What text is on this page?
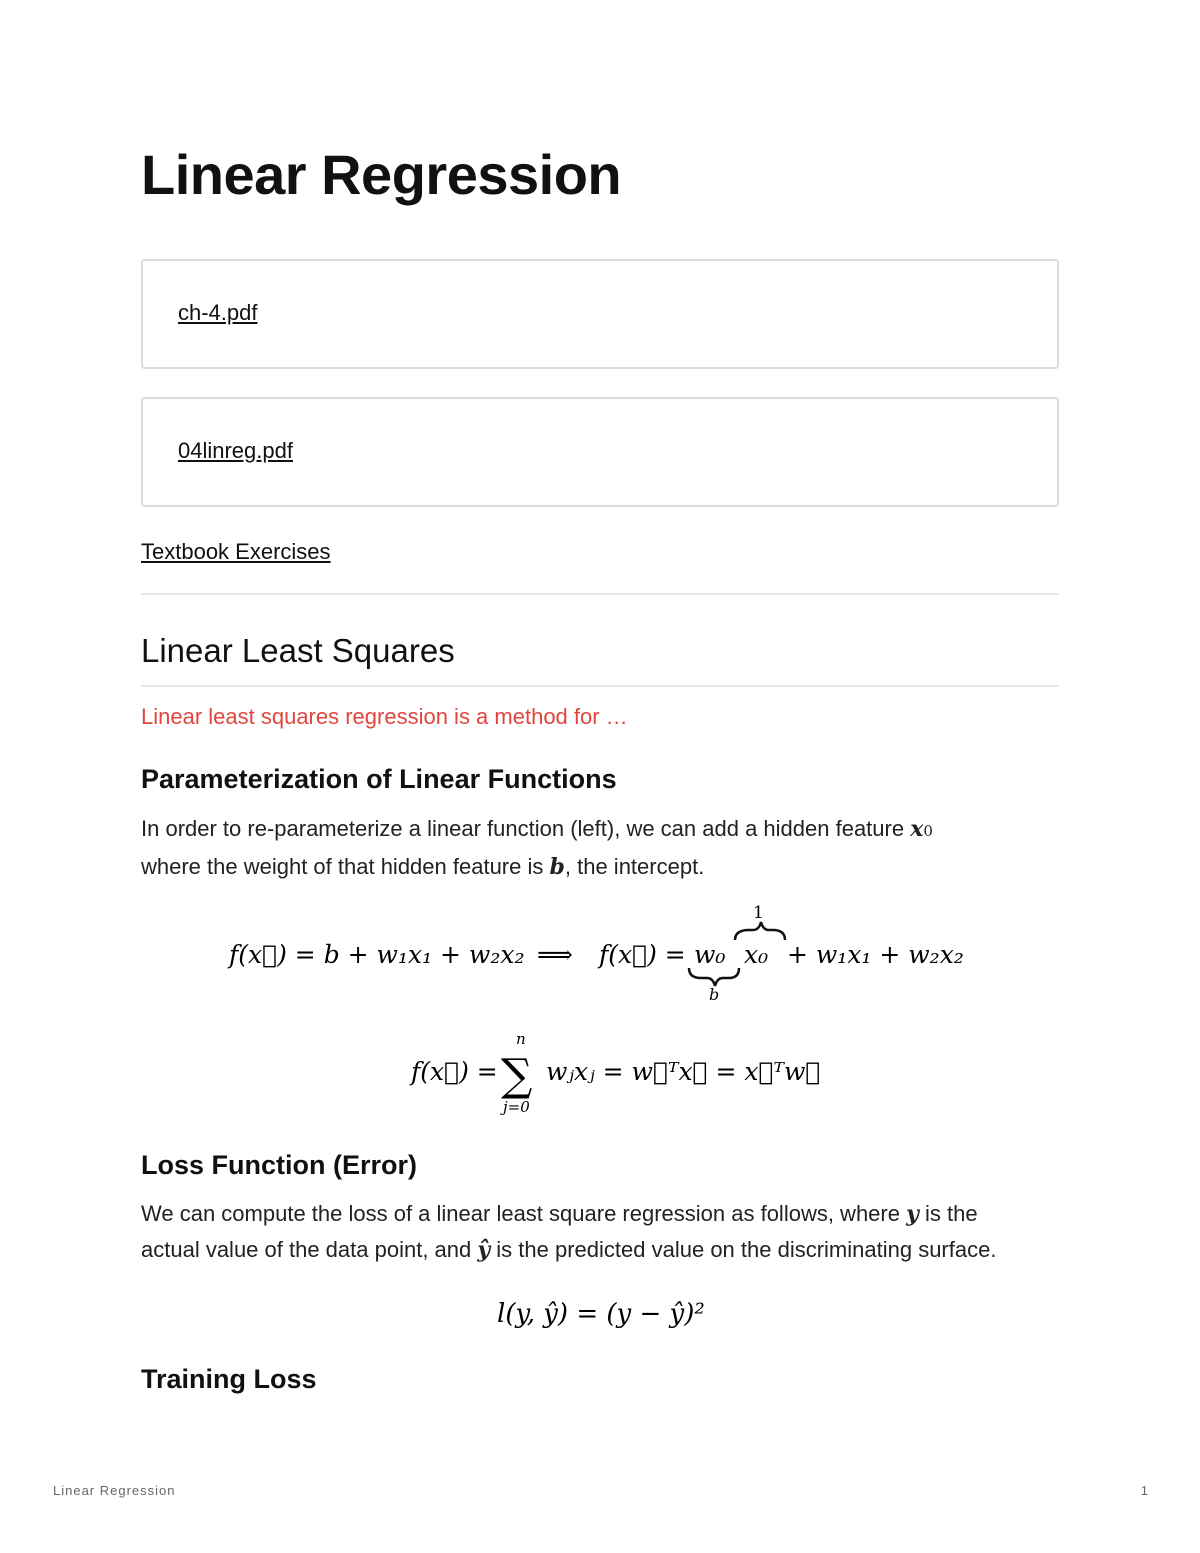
Linear Regression
ch-4.pdf
04linreg.pdf
Textbook Exercises
Linear Least Squares
Linear least squares regression is a method for …
Parameterization of Linear Functions

In order to re-parameterize a linear function (left), we can add a hidden feature x0
where the weight of that hidden feature is b, the intercept.

f(x⃗) = b + w₁x₁ + w₂x₂ ⟹ f(x⃗) = w₀ x₀ + w₁x₁ + w₂x₂
1
b
f(x⃗) = ∑
n
j=0
wⱼxⱼ = w⃗ᵀx⃗ = x⃗ᵀw⃗
Loss Function (Error)

We can compute the loss of a linear least square regression as follows, where y is the
actual value of the data point, and ŷ is the predicted value on the discriminating surface.

l(y, ŷ) = (y − ŷ)²
Training Loss
Linear Regression	1
